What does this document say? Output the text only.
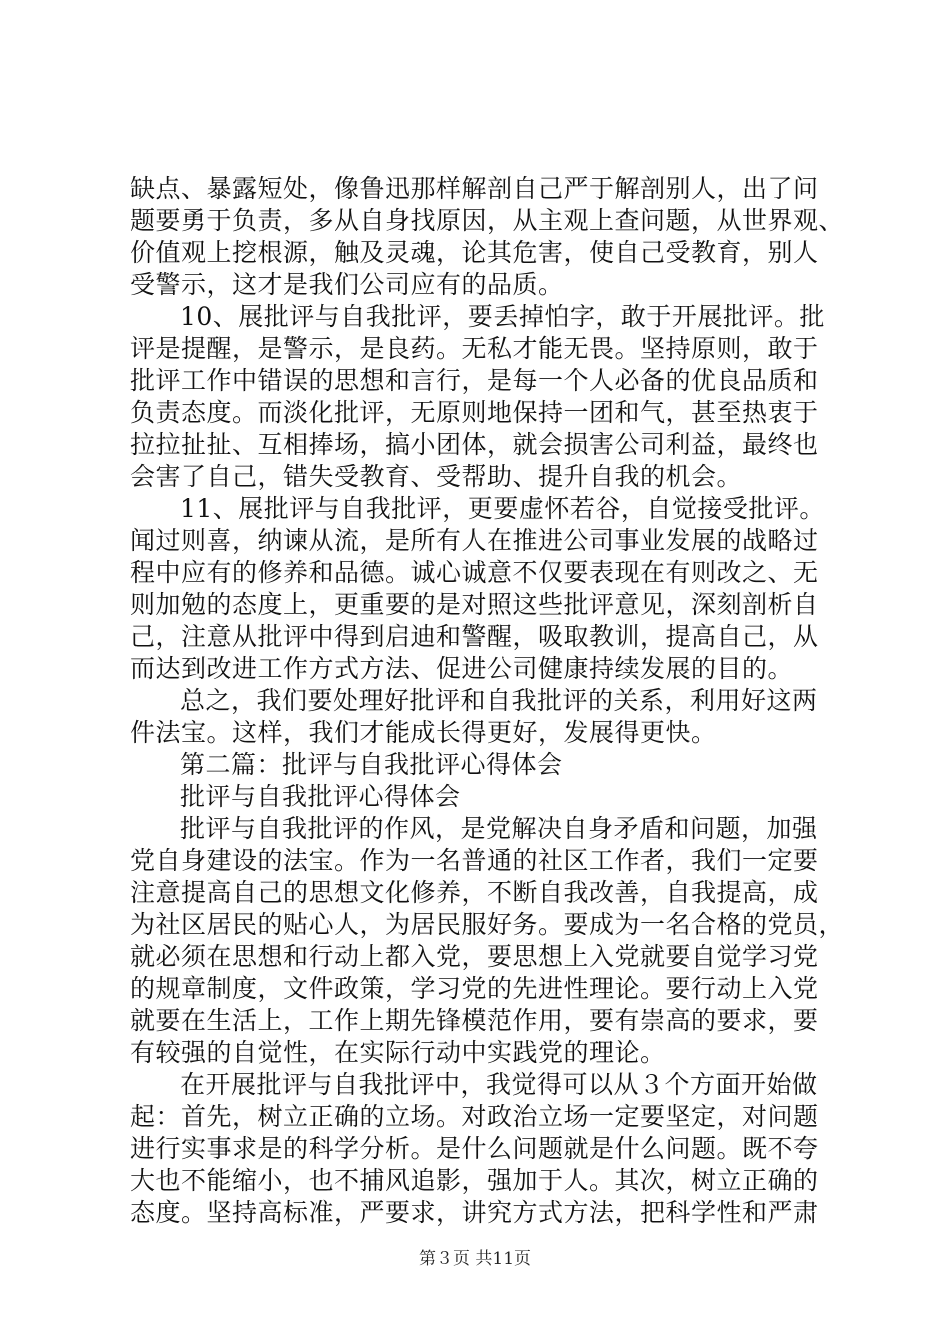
缺点、暴露短处，像鲁迅那样解剖自己严于解剖别人，出了问
题要勇于负责，多从自身找原因，从主观上查问题，从世界观、
价值观上挖根源，触及灵魂，论其危害，使自己受教育，别人
受警示，这才是我们公司应有的品质。
10、展批评与自我批评，要丢掉怕字，敢于开展批评。批
评是提醒，是警示，是良药。无私才能无畏。坚持原则，敢于
批评工作中错误的思想和言行，是每一个人必备的优良品质和
负责态度。而淡化批评，无原则地保持一团和气，甚至热衷于
拉拉扯扯、互相捧场，搞小团体，就会损害公司利益，最终也
会害了自己，错失受教育、受帮助、提升自我的机会。
11、展批评与自我批评，更要虚怀若谷，自觉接受批评。
闻过则喜，纳谏从流，是所有人在推进公司事业发展的战略过
程中应有的修养和品德。诚心诚意不仅要表现在有则改之、无
则加勉的态度上，更重要的是对照这些批评意见，深刻剖析自
己，注意从批评中得到启迪和警醒，吸取教训，提高自己，从
而达到改进工作方式方法、促进公司健康持续发展的目的。
总之，我们要处理好批评和自我批评的关系，利用好这两
件法宝。这样，我们才能成长得更好，发展得更快。
第二篇：批评与自我批评心得体会
批评与自我批评心得体会
批评与自我批评的作风，是党解决自身矛盾和问题，加强
党自身建设的法宝。作为一名普通的社区工作者，我们一定要
注意提高自己的思想文化修养，不断自我改善，自我提高，成
为社区居民的贴心人，为居民服好务。要成为一名合格的党员，
就必须在思想和行动上都入党，要思想上入党就要自觉学习党
的规章制度，文件政策，学习党的先进性理论。要行动上入党
就要在生活上，工作上期先锋模范作用，要有崇高的要求，要
有较强的自觉性，在实际行动中实践党的理论。
在开展批评与自我批评中，我觉得可以从３个方面开始做
起：首先，树立正确的立场。对政治立场一定要坚定，对问题
进行实事求是的科学分析。是什么问题就是什么问题。既不夸
大也不能缩小，也不捕风追影，强加于人。其次，树立正确的
态度。坚持高标准，严要求，讲究方式方法，把科学性和严肃
第３页 共11页
